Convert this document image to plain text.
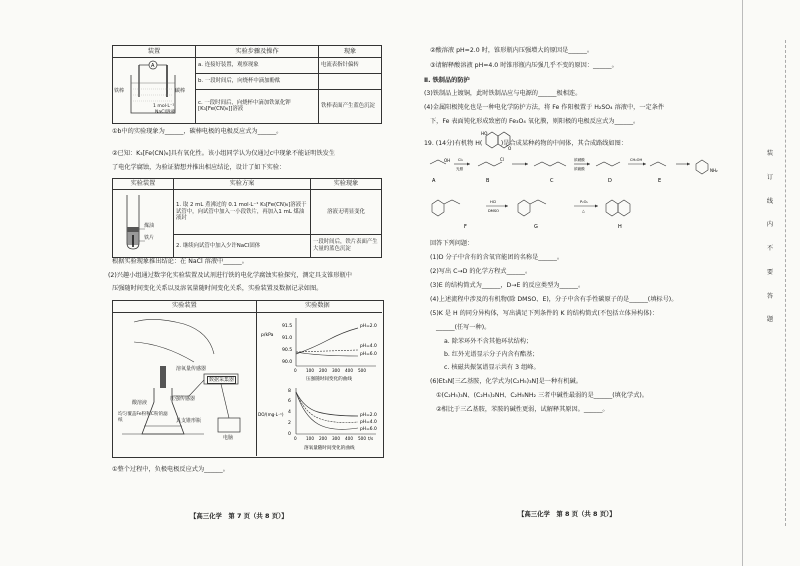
装置	实验步骤及操作	现象

A
铁棒 碳棒
1 mol·L⁻¹
NaCl溶液	a. 连接好装置，观察现象	电流表指针偏转
	b. 一段时间后，向烧杯中滴加酚酞	
	c. 一段时间后，向烧杯中滴加铁氰化钾[K₃[Fe(CN)₆]]溶液	铁棒表面产生蓝色沉淀
①b中的实验现象为______，碳棒电极的电极反应式为______。
②已知：K₃[Fe(CN)₆]具有氧化性。该小组同学认为仅通过c中现象不能证明铁发生
了电化学腐蚀，为验证猜想并推出相应结论，设计了如下实验：
实验装置	实验方案	实验现象

煤油
铁片	1. 取 2 mL 煮沸过的 0.1 mol·L⁻¹ K₃[Fe(CN)₆]溶液于试管中，向试管中加入一小段铁片，再加入1 mL 煤油液封	溶液无明显变化
	2. 继续向试管中加入少许NaCl固体	一段时间后，铁片表面产生大量的蓝色沉淀
根据实验现象推出结论：在 NaCl 溶液中______。
(2)兴趣小组通过数字化实验装置及试剂进行铁的电化学腐蚀实验探究，测定具支锥形瓶中
压强随时间变化关系以及溶氧量随时间变化关系，实验装置及数据记录如图。
实验装置	实验数据
溶氧量传感器
数据采集器
压强传感器
酸溶液
均匀覆盖Fe粉和C粉的滤纸	具支锥形瓶
电脑
p/kPa
91.5
91.0
90.5
90.0
0 100 200 300 400 500
pH=2.0
pH=4.0
pH=6.0
压强随时间变化的曲线
DO/(mg·L⁻¹)
8
6
4
2
0
0 100 200 300 400 500 t/s
pH=2.0
pH=4.0
pH=6.0
溶氧量随时间变化的曲线
①整个过程中，负极电极反应式为______。
【高三化学　第 7 页（共 8 页）】
②酸溶液 pH=2.0 时，锥形瓶内压强增大的原因是______。
③请解释酸溶液 pH=4.0 时锥形瓶内压强几乎不变的原因：______。
Ⅱ. 铁制品的防护
(3)铁制品上镀铜，此时铁制品应与电源的______极相连。
(4)金属阳极钝化也是一种电化学防护方法，将 Fe 作阳极置于 H₂SO₄ 溶液中，一定条件
下，Fe 表面钝化形成致密的 Fe₃O₄ 氧化膜，则阳极的电极反应式为______。
19. (14分)有机物 H(　　　)是合成某种药物的中间体，其合成路线如图：
HO
O
OH	Cl
NH₂
A	B	C	D	E
光照
Cl₂	浓硝酸
浓硫酸
CH₂OH
HCl
DMSO
P₂O₅
△
F	G	H
回答下列问题：
(1)D 分子中含有的含氧官能团的名称是______。
(2)写出 C→D 的化学方程式______。
(3)E 的结构简式为______，D→E 的反应类型为______。
(4)上述流程中涉及的有机物(除 DMSO、E)，分子中含有手性碳原子的是______(填标号)。
(5)K 是 H 的同分异构体，写出满足下列条件的 K 的结构简式(不包括立体异构体)：
______(任写一种)。
a. 除苯环外不含其他环状结构；
b. 红外光谱显示分子内含有酯基；
c. 核磁共振氢谱显示共有 3 组峰。
(6)Et₃N[三乙基胺，化学式为(C₂H₅)₃N]是一种有机碱。
①(C₂H₅)₃N、(C₂H₅)₂NH、C₂H₅NH₂ 三者中碱性最弱的是______(填化学式)。
②相比于三乙基胺，苯胺的碱性更弱，试解释其原因。______。
【高三化学　第 8 页（共 8 页）】
装
订
线
内
不
要
答
题
